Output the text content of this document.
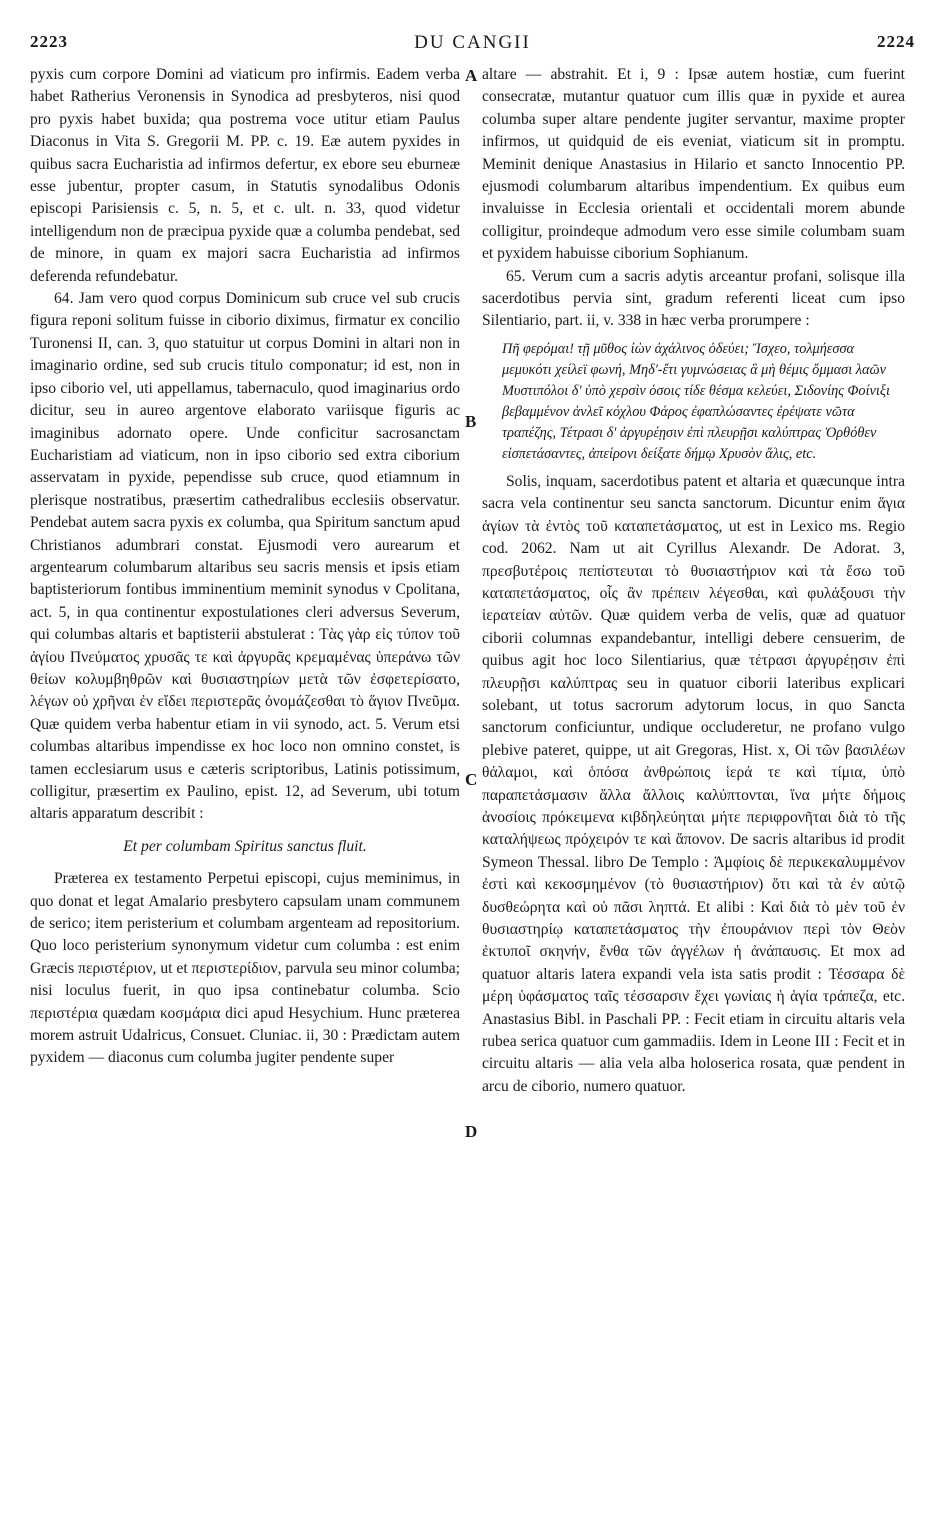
2223	DU CANGII	2224

pyxis cum corpore Domini ad viaticum pro infirmis. Eadem verba habet Ratherius Veronensis in Synodica ad presbyteros, nisi quod pro pyxis habet buxida; qua postrema voce utitur etiam Paulus Diaconus in Vita S. Gregorii M. PP. c. 19. Eæ autem pyxides in quibus sacra Eucharistia ad infirmos defertur, ex ebore seu eburneæ esse jubentur, propter casum, in Statutis synodalibus Odonis episcopi Parisiensis c. 5, n. 5, et c. ult. n. 33, quod videtur intelligendum non de præcipua pyxide quæ a columba pendebat, sed de minore, in quam ex majori sacra Eucharistia ad infirmos deferenda refundebatur.

64. Jam vero quod corpus Dominicum sub cruce vel sub crucis figura reponi solitum fuisse in ciborio diximus, firmatur ex concilio Turonensi II, can. 3, quo statuitur ut corpus Domini in altari non in imaginario ordine, sed sub crucis titulo componatur; id est, non in ipso ciborio vel, uti appellamus, tabernaculo, quod imaginarius ordo dicitur, seu in aureo argentove elaborato variisque figuris ac imaginibus adornato opere. Unde conficitur sacrosanctam Eucharistiam ad viaticum, non in ipso ciborio sed extra ciborium asservatam in pyxide, pependisse sub cruce, quod etiamnum in plerisque nostratibus, præsertim cathedralibus ecclesiis observatur. Pendebat autem sacra pyxis ex columba, qua Spiritum sanctum apud Christianos adumbrari constat. Ejusmodi vero aurearum et argentearum columbarum altaribus seu sacris mensis et ipsis etiam baptisteriorum fontibus imminentium meminit synodus v Cpolitana, act. 5, in qua continentur expostulationes cleri adversus Severum, qui columbas altaris et baptisterii abstulerat : Τὰς γὰρ εἰς τύπον τοῦ ἁγίου Πνεύματος χρυσᾶς τε καὶ ἀργυρᾶς κρεμαμένας ὑπεράνω τῶν θείων κολυμβηθρῶν καὶ θυσιαστηρίων μετὰ τῶν ἐσφετερίσατο, λέγων οὐ χρῆναι ἐν εἴδει περιστερᾶς ὀνομάζεσθαι τὸ ἅγιον Πνεῦμα. Quæ quidem verba habentur etiam in vii synodo, act. 5. Verum etsi columbas altaribus impendisse ex hoc loco non omnino constet, is tamen ecclesiarum usus e cæteris scriptoribus, Latinis potissimum, colligitur, præsertim ex Paulino, epist. 12, ad Severum, ubi totum altaris apparatum describit :

Et per columbam Spiritus sanctus fluit.

Præterea ex testamento Perpetui episcopi, cujus meminimus, in quo donat et legat Amalario presbytero capsulam unam communem de serico; item peristerium et columbam argenteam ad repositorium. Quo loco peristerium synonymum videtur cum columba : est enim Græcis περιστέριον, ut et περιστερίδιον, parvula seu minor columba; nisi loculus fuerit, in quo ipsa continebatur columba. Scio περιστέρια quædam κοσμάρια dici apud Hesychium. Hunc præterea morem astruit Udalricus, Consuet. Cluniac. ii, 30 : Prædictam autem pyxidem — diaconus cum columba jugiter pendente super

A
B
C
D

altare — abstrahit. Et i, 9 : Ipsæ autem hostiæ, cum fuerint consecratæ, mutantur quatuor cum illis quæ in pyxide et aurea columba super altare pendente jugiter servantur, maxime propter infirmos, ut quidquid de eis eveniat, viaticum sit in promptu. Meminit denique Anastasius in Hilario et sancto Innocentio PP. ejusmodi columbarum altaribus impendentium. Ex quibus eum invaluisse in Ecclesia orientali et occidentali morem abunde colligitur, proindeque admodum vero esse simile columbam suam et pyxidem habuisse ciborium Sophianum.

65. Verum cum a sacris adytis arceantur profani, solisque illa sacerdotibus pervia sint, gradum referenti liceat cum ipso Silentiario, part. ii, v. 338 in hæc verba prorumpere :

Πῆ φερόμαι! τῇ μῦθος ἰὼν ἀχάλινος ὁδεύει; Ἴσχεο, τολμήεσσα μεμυκότι χείλεϊ φωνή, Μηδ'-ἔτι γυμνώσειας ἃ μὴ θέμις ὄμμασι λαῶν Μυστιπόλοι δ' ὑπὸ χερσὶν ὁσοις τίδε θέσμα κελεύει, Σιδονίης Φοίνιξι βεβαμμένον ἀνλεῖ κόχλου Φάρος ἐφαπλώσαντες ἐρέψατε νῶτα τραπέζης, Τέτρασι δ' ἀργυρέῃσιν ἐπὶ πλευρῇσι καλύπτρας Ὀρθόθεν εἰσπετάσαντες, ἀπείρονι δείξατε δήμῳ Χρυσὸν ἅλις, etc.

Solis, inquam, sacerdotibus patent et altaria et quæcunque intra sacra vela continentur seu sancta sanctorum. Dicuntur enim ἅγια ἁγίων τὰ ἐντὸς τοῦ καταπετάσματος, ut est in Lexico ms. Regio cod. 2062. Nam ut ait Cyrillus Alexandr. De Adorat. 3, πρεσβυτέροις πεπίστευται τὸ θυσιαστήριον καὶ τὰ ἔσω τοῦ καταπετάσματος, οἷς ἂν πρέπειν λέγεσθαι, καὶ φυλάξουσι τὴν ἱερατείαν αὐτῶν. Quæ quidem verba de velis, quæ ad quatuor ciborii columnas expandebantur, intelligi debere censuerim, de quibus agit hoc loco Silentiarius, quæ τέτρασι ἀργυρέῃσιν ἐπὶ πλευρῇσι καλύπτρας seu in quatuor ciborii lateribus explicari solebant, ut totus sacrorum adytorum locus, in quo Sancta sanctorum conficiuntur, undique occluderetur, ne profano vulgo plebive pateret, quippe, ut ait Gregoras, Hist. x, Οἱ τῶν βασιλέων θάλαμοι, καὶ ὁπόσα ἀνθρώποις ἱερά τε καὶ τίμια, ὑπὸ παραπετάσμασιν ἄλλα ἄλλοις καλύπτονται, ἵνα μήτε δήμοις ἀνοσίοις πρόκειμενα κιβδηλεύηται μήτε περιφρονῆται διὰ τὸ τῆς καταλήψεως πρόχειρόν τε καὶ ἄπονον. De sacris altaribus id prodit Symeon Thessal. libro De Templo : Ἀμφίοις δὲ περικεκαλυμμένον ἐστὶ καὶ κεκοσμημένον (τὸ θυσιαστήριον) ὅτι καὶ τὰ ἐν αὐτῷ δυσθεώρητα καὶ οὐ πᾶσι ληπτά. Et alibi : Καὶ διὰ τὸ μὲν τοῦ ἐν θυσιαστηρίῳ καταπετάσματος τὴν ἐπουράνιον περὶ τὸν Θεὸν ἐκτυποῖ σκηνήν, ἔνθα τῶν ἀγγέλων ἡ ἀνάπαυσις. Et mox ad quatuor altaris latera expandi vela ista satis prodit : Τέσσαρα δὲ μέρη ὑφάσματος ταῖς τέσσαρσιν ἔχει γωνίαις ἡ ἁγία τράπεζα, etc. Anastasius Bibl. in Paschali PP. : Fecit etiam in circuitu altaris vela rubea serica quatuor cum gammadiis. Idem in Leone III : Fecit et in circuitu altaris — alia vela alba holoserica rosata, quæ pendent in arcu de ciborio, numero quatuor.
